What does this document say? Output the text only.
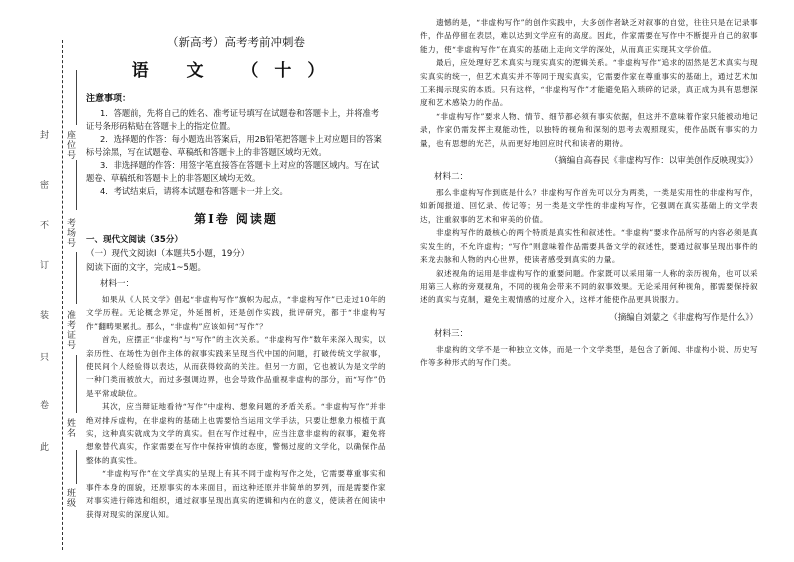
封
密
不
订
装
只
卷
此
座位号
考场号
准考证号
姓名
班级
（新高考）高考考前冲刺卷
语 文 （十）
注意事项：

1．答题前，先将自己的姓名、准考证号填写在试题卷和答题卡上，并将准考证号条形码粘贴在答题卡上的指定位置。

2．选择题的作答：每小题选出答案后，用2B铅笔把答题卡上对应题目的答案标号涂黑，写在试题卷、草稿纸和答题卡上的非答题区域均无效。

3．非选择题的作答：用签字笔直接答在答题卡上对应的答题区域内。写在试题卷、草稿纸和答题卡上的非答题区域均无效。

4．考试结束后，请将本试题卷和答题卡一并上交。

第Ⅰ卷 阅读题
一、现代文阅读（35分）
（一）现代文阅读Ⅰ（本题共5小题，19分）
阅读下面的文字，完成1~5题。
材料一：

如果从《人民文学》倡起“非虚构写作”旗帜为起点，“非虚构写作”已走过10年的文学历程。无论概念界定，外延图析，还是创作实践，批评研究，都于“非虚构写作”翻畴果累扎。那么，“非虚构”应该如何“写作”？

首先，应摆正“非虚构”与“写作”的主次关系。“非虚构写作”数年来深入现实，以亲历性、在场性为创作主体的叙事实践来呈现当代中国的问题，打破传统文学叙事，使民间个人经验得以表达，从而获得较高的关注。但另一方面，它也被认为是文学的一种门类而被放大，而过多强调边界，也会导致作品重视非虚构的部分，而“写作”仍是平常或缺位。

其次，应当辩证地看待“写作”中虚构、想象问题的矛盾关系。“非虚构写作”并非绝对排斥虚构，在非虚构的基础上也需要恰当运用文学手法，只要让想象力根植于真实，这种真实就成为文学的真实。但在写作过程中，应当注意非虚构的叙事，避免将想象替代真实，作家需要在写作中保持审慎的态度，警惕过度的文学化，以确保作品整体的真实性。

“非虚构写作”在文学真实的呈现上有其不同于虚构写作之处，它需要尊重事实和事件本身的面貌，还原事实的本来面目，而这种还原并非简单的罗列，而是需要作家对事实进行筛选和组织，通过叙事呈现出真实的逻辑和内在的意义，使读者在阅读中获得对现实的深度认知。

遗憾的是，“非虚构写作”的创作实践中，大多创作者缺乏对叙事的自觉，往往只是在记录事件，作品停留在表层，难以达到文学应有的高度。因此，作家需要在写作中不断提升自己的叙事能力，使“非虚构写作”在真实的基础上走向文学的深处，从而真正实现其文学价值。

最后，应处理好艺术真实与现实真实的逻辑关系。“非虚构写作”追求的固然是艺术真实与现实真实的统一，但艺术真实并不等同于现实真实，它需要作家在尊重事实的基础上，通过艺术加工来揭示现实的本质。只有这样，“非虚构写作”才能避免陷入琐碎的记录，真正成为具有思想深度和艺术感染力的作品。

“非虚构写作”要求人物、情节、细节都必须有事实依据，但这并不意味着作家只能被动地记录，作家仍需发挥主观能动性，以独特的视角和深刻的思考去观照现实，使作品既有事实的力量，也有思想的光芒，从而更好地回应时代和读者的期待。

（摘编自高春民《非虚构写作：以审美创作反映现实》）
材料二：

那么非虚构写作到底是什么？非虚构写作首先可以分为两类，一类是实用性的非虚构写作，如新闻报道、回忆录、传记等；另一类是文学性的非虚构写作，它强调在真实基础上的文学表达，注重叙事的艺术和审美的价值。

非虚构写作的最核心的两个特质是真实性和叙述性。“非虚构”要求作品所写的内容必须是真实发生的，不允许虚构；“写作”则意味着作品需要具备文学的叙述性，要通过叙事呈现出事件的来龙去脉和人物的内心世界，使读者感受到真实的力量。

叙述视角的运用是非虚构写作的重要问题。作家既可以采用第一人称的亲历视角，也可以采用第三人称的旁观视角，不同的视角会带来不同的叙事效果。无论采用何种视角，都需要保持叙述的真实与克制，避免主观情感的过度介入，这样才能使作品更具说服力。

（摘编自刘蒙之《非虚构写作是什么》）
材料三：

非虚构的文学不是一种独立文体，而是一个文学类型，是包含了新闻、非虚构小说、历史写作等多种形式的写作门类。
